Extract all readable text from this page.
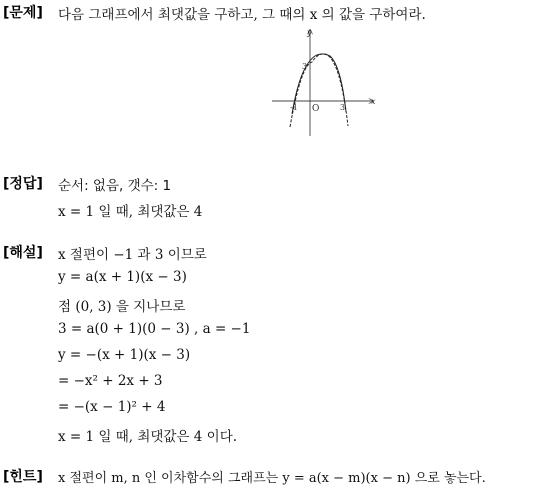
[문제] 다음 그래프에서 최댓값을 구하고, 그 때의 x 의 값을 구하여라.
x
y
3
O
-1	3
[정답] 순서: 없음, 갯수: 1
x = 1 일 때, 최댓값은 4
[해설] x 절편이 −1 과 3 이므로
y = a(x + 1)(x − 3)
점 (0, 3) 을 지나므로
3 = a(0 + 1)(0 − 3) , a = −1
y = −(x + 1)(x − 3)
= −x² + 2x + 3
= −(x − 1)² + 4
x = 1 일 때, 최댓값은 4 이다.
[힌트] x 절편이 m, n 인 이차함수의 그래프는 y = a(x − m)(x − n) 으로 놓는다.
